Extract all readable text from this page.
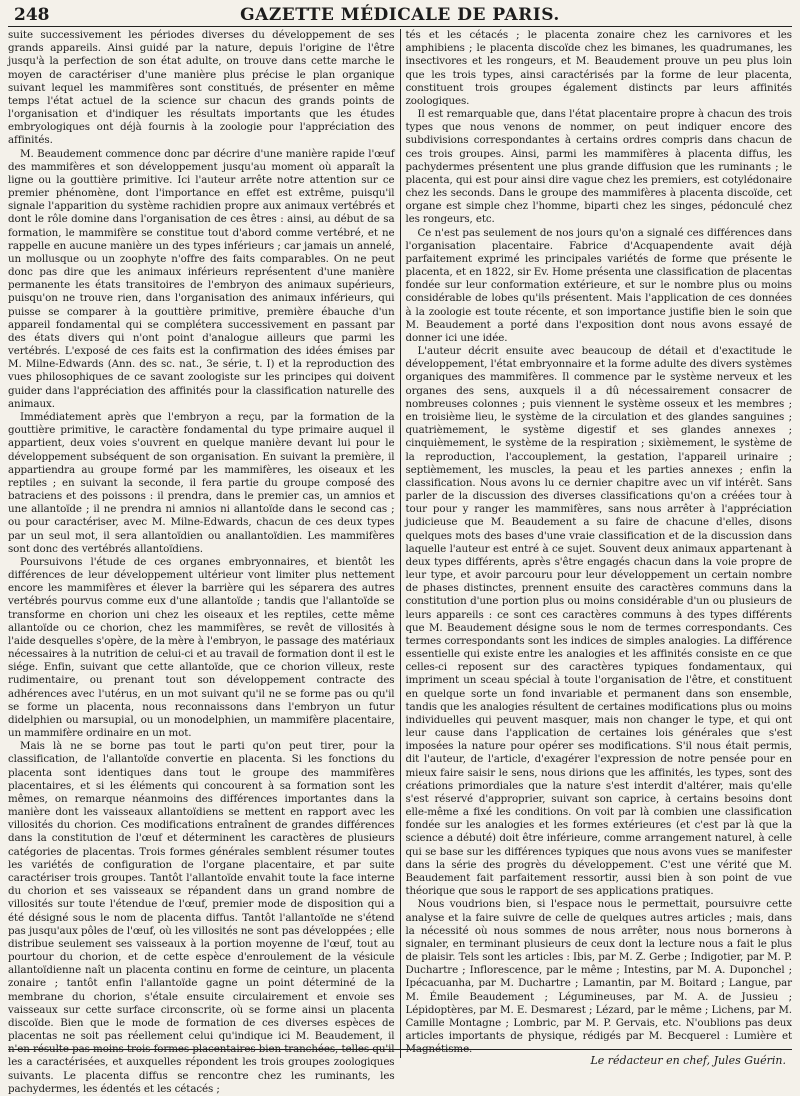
248	GAZETTE MÉDICALE DE PARIS.

suite successivement les périodes diverses du développement de ses grands appareils. Ainsi guidé par la nature, depuis l'origine de l'être jusqu'à la perfection de son état adulte, on trouve dans cette marche le moyen de caractériser d'une manière plus précise le plan organique suivant lequel les mammifères sont constitués, de présenter en même temps l'état actuel de la science sur chacun des grands points de l'organisation et d'indiquer les résultats importants que les études embryologiques ont déjà fournis à la zoologie pour l'appréciation des affinités.

M. Beaudement commence donc par décrire d'une manière rapide l'œuf des mammifères et son développement jusqu'au moment où apparaît la ligne ou la gouttière primitive. Ici l'auteur arrête notre attention sur ce premier phénomène, dont l'importance en effet est extrême, puisqu'il signale l'apparition du système rachidien propre aux animaux vertébrés et dont le rôle domine dans l'organisation de ces êtres : ainsi, au début de sa formation, le mammifère se constitue tout d'abord comme vertébré, et ne rappelle en aucune manière un des types inférieurs ; car jamais un annelé, un mollusque ou un zoophyte n'offre des faits comparables. On ne peut donc pas dire que les animaux inférieurs représentent d'une manière permanente les états transitoires de l'embryon des animaux supérieurs, puisqu'on ne trouve rien, dans l'organisation des animaux inférieurs, qui puisse se comparer à la gouttière primitive, première ébauche d'un appareil fondamental qui se complétera successivement en passant par des états divers qui n'ont point d'analogue ailleurs que parmi les vertébrés. L'exposé de ces faits est la confirmation des idées émises par M. Milne-Edwards (Ann. des sc. nat., 3e série, t. I) et la reproduction des vues philosophiques de ce savant zoologiste sur les principes qui doivent guider dans l'appréciation des affinités pour la classification naturelle des animaux.

Immédiatement après que l'embryon a reçu, par la formation de la gouttière primitive, le caractère fondamental du type primaire auquel il appartient, deux voies s'ouvrent en quelque manière devant lui pour le développement subséquent de son organisation. En suivant la première, il appartiendra au groupe formé par les mammifères, les oiseaux et les reptiles ; en suivant la seconde, il fera partie du groupe composé des batraciens et des poissons : il prendra, dans le premier cas, un amnios et une allantoïde ; il ne prendra ni amnios ni allantoïde dans le second cas ; ou pour caractériser, avec M. Milne-Edwards, chacun de ces deux types par un seul mot, il sera allantoïdien ou anallantoïdien. Les mammifères sont donc des vertébrés allantoïdiens.

Poursuivons l'étude de ces organes embryonnaires, et bientôt les différences de leur développement ultérieur vont limiter plus nettement encore les mammifères et élever la barrière qui les séparera des autres vertébrés pourvus comme eux d'une allantoïde ; tandis que l'allantoïde se transforme en chorion uni chez les oiseaux et les reptiles, cette même allantoïde ou ce chorion, chez les mammifères, se revêt de villosités à l'aide desquelles s'opère, de la mère à l'embryon, le passage des matériaux nécessaires à la nutrition de celui-ci et au travail de formation dont il est le siége. Enfin, suivant que cette allantoïde, que ce chorion villeux, reste rudimentaire, ou prenant tout son développement contracte des adhérences avec l'utérus, en un mot suivant qu'il ne se forme pas ou qu'il se forme un placenta, nous reconnaissons dans l'embryon un futur didelphien ou marsupial, ou un monodelphien, un mammifère placentaire, un mammifère ordinaire en un mot.

Mais là ne se borne pas tout le parti qu'on peut tirer, pour la classification, de l'allantoïde convertie en placenta. Si les fonctions du placenta sont identiques dans tout le groupe des mammifères placentaires, et si les éléments qui concourent à sa formation sont les mêmes, on remarque néanmoins des différences importantes dans la manière dont les vaisseaux allantoïdiens se mettent en rapport avec les villosités du chorion. Ces modifications entraînent de grandes différences dans la constitution de l'œuf et déterminent les caractères de plusieurs catégories de placentas. Trois formes générales semblent résumer toutes les variétés de configuration de l'organe placentaire, et par suite caractériser trois groupes. Tantôt l'allantoïde envahit toute la face interne du chorion et ses vaisseaux se répandent dans un grand nombre de villosités sur toute l'étendue de l'œuf, premier mode de disposition qui a été désigné sous le nom de placenta diffus. Tantôt l'allantoïde ne s'étend pas jusqu'aux pôles de l'œuf, où les villosités ne sont pas développées ; elle distribue seulement ses vaisseaux à la portion moyenne de l'œuf, tout au pourtour du chorion, et de cette espèce d'enroulement de la vésicule allantoïdienne naît un placenta continu en forme de ceinture, un placenta zonaire ; tantôt enfin l'allantoïde gagne un point déterminé de la membrane du chorion, s'étale ensuite circulairement et envoie ses vaisseaux sur cette surface circonscrite, où se forme ainsi un placenta discoïde. Bien que le mode de formation de ces diverses espèces de placentas ne soit pas réellement celui qu'indique ici M. Beaudement, il n'en résulte pas moins trois formes placentaires bien tranchées, telles qu'il les a caractérisées, et auxquelles répondent les trois groupes zoologiques suivants. Le placenta diffus se rencontre chez les ruminants, les pachydermes, les édentés et les cétacés ;

tés et les cétacés ; le placenta zonaire chez les carnivores et les amphibiens ; le placenta discoïde chez les bimanes, les quadrumanes, les insectivores et les rongeurs, et M. Beaudement prouve un peu plus loin que les trois types, ainsi caractérisés par la forme de leur placenta, constituent trois groupes également distincts par leurs affinités zoologiques.

Il est remarquable que, dans l'état placentaire propre à chacun des trois types que nous venons de nommer, on peut indiquer encore des subdivisions correspondantes à certains ordres compris dans chacun de ces trois groupes. Ainsi, parmi les mammifères à placenta diffus, les pachydermes présentent une plus grande diffusion que les ruminants ; le placenta, qui est pour ainsi dire vague chez les premiers, est cotylédonaire chez les seconds. Dans le groupe des mammifères à placenta discoïde, cet organe est simple chez l'homme, biparti chez les singes, pédonculé chez les rongeurs, etc.

Ce n'est pas seulement de nos jours qu'on a signalé ces différences dans l'organisation placentaire. Fabrice d'Acquapendente avait déjà parfaitement exprimé les principales variétés de forme que présente le placenta, et en 1822, sir Ev. Home présenta une classification de placentas fondée sur leur conformation extérieure, et sur le nombre plus ou moins considérable de lobes qu'ils présentent. Mais l'application de ces données à la zoologie est toute récente, et son importance justifie bien le soin que M. Beaudement a porté dans l'exposition dont nous avons essayé de donner ici une idée.

L'auteur décrit ensuite avec beaucoup de détail et d'exactitude le développement, l'état embryonnaire et la forme adulte des divers systèmes organiques des mammifères. Il commence par le système nerveux et les organes des sens, auxquels il a dû nécessairement consacrer de nombreuses colonnes ; puis viennent le système osseux et les membres ; en troisième lieu, le système de la circulation et des glandes sanguines ; quatrièmement, le système digestif et ses glandes annexes ; cinquièmement, le système de la respiration ; sixièmement, le système de la reproduction, l'accouplement, la gestation, l'appareil urinaire ; septièmement, les muscles, la peau et les parties annexes ; enfin la classification. Nous avons lu ce dernier chapitre avec un vif intérêt. Sans parler de la discussion des diverses classifications qu'on a créées tour à tour pour y ranger les mammifères, sans nous arrêter à l'appréciation judicieuse que M. Beaudement a su faire de chacune d'elles, disons quelques mots des bases d'une vraie classification et de la discussion dans laquelle l'auteur est entré à ce sujet. Souvent deux animaux appartenant à deux types différents, après s'être engagés chacun dans la voie propre de leur type, et avoir parcouru pour leur développement un certain nombre de phases distinctes, prennent ensuite des caractères communs dans la constitution d'une portion plus ou moins considérable d'un ou plusieurs de leurs appareils : ce sont ces caractères communs à des types différents que M. Beaudement désigne sous le nom de termes correspondants. Ces termes correspondants sont les indices de simples analogies. La différence essentielle qui existe entre les analogies et les affinités consiste en ce que celles-ci reposent sur des caractères typiques fondamentaux, qui impriment un sceau spécial à toute l'organisation de l'être, et constituent en quelque sorte un fond invariable et permanent dans son ensemble, tandis que les analogies résultent de certaines modifications plus ou moins individuelles qui peuvent masquer, mais non changer le type, et qui ont leur cause dans l'application de certaines lois générales que s'est imposées la nature pour opérer ses modifications. S'il nous était permis, dit l'auteur, de l'article, d'exagérer l'expression de notre pensée pour en mieux faire saisir le sens, nous dirions que les affinités, les types, sont des créations primordiales que la nature s'est interdit d'altérer, mais qu'elle s'est réservé d'approprier, suivant son caprice, à certains besoins dont elle-même a fixé les conditions. On voit par là combien une classification fondée sur les analogies et les formes extérieures (et c'est par là que la science a débuté) doit être inférieure, comme arrangement naturel, à celle qui se base sur les différences typiques que nous avons vues se manifester dans la série des progrès du développement. C'est une vérité que M. Beaudement fait parfaitement ressortir, aussi bien à son point de vue théorique que sous le rapport de ses applications pratiques.

Nous voudrions bien, si l'espace nous le permettait, poursuivre cette analyse et la faire suivre de celle de quelques autres articles ; mais, dans la nécessité où nous sommes de nous arrêter, nous nous bornerons à signaler, en terminant plusieurs de ceux dont la lecture nous a fait le plus de plaisir. Tels sont les articles : Ibis, par M. Z. Gerbe ; Indigotier, par M. P. Duchartre ; Inflorescence, par le même ; Intestins, par M. A. Duponchel ; Ipécacuanha, par M. Duchartre ; Lamantin, par M. Boitard ; Langue, par M. Émile Beaudement ; Légumineuses, par M. A. de Jussieu ; Lépidoptères, par M. E. Desmarest ; Lézard, par le même ; Lichens, par M. Camille Montagne ; Lombric, par M. P. Gervais, etc. N'oublions pas deux articles importants de physique, rédigés par M. Becquerel : Lumière et Magnétisme.

Le rédacteur en chef, Jules Guérin.
